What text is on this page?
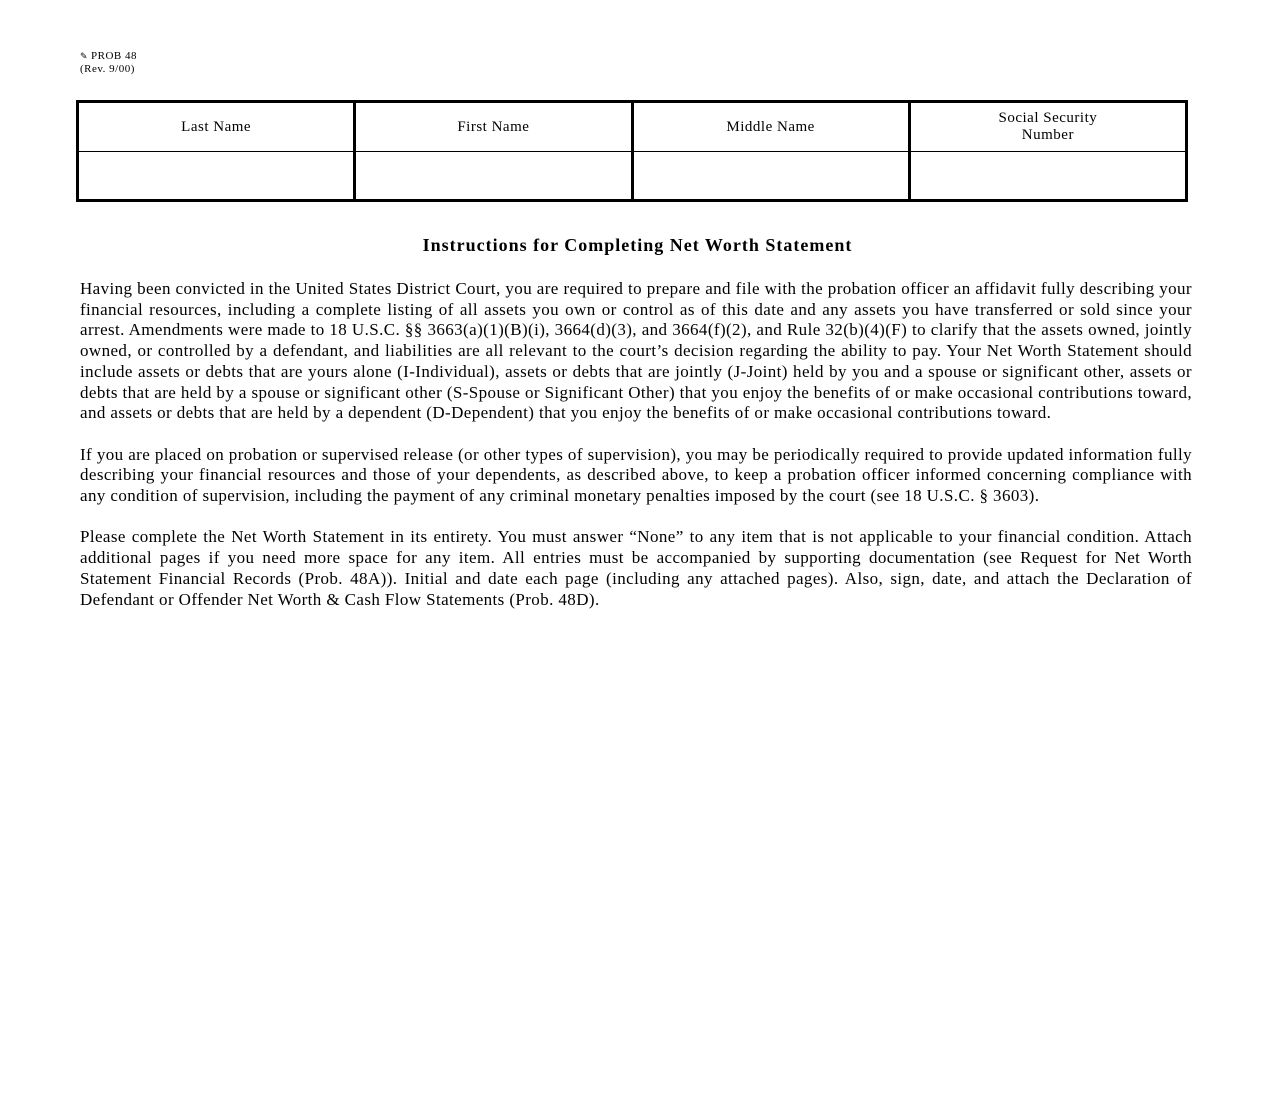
✎ PROB 48
(Rev. 9/00)
Last Name	First Name	Middle Name	Social Security Number

Instructions for Completing Net Worth Statement

Having been convicted in the United States District Court, you are required to prepare and file with the probation officer an affidavit fully describing your financial resources, including a complete listing of all assets you own or control as of this date and any assets you have transferred or sold since your arrest. Amendments were made to 18 U.S.C. §§ 3663(a)(1)(B)(i), 3664(d)(3), and 3664(f)(2), and Rule 32(b)(4)(F) to clarify that the assets owned, jointly owned, or controlled by a defendant, and liabilities are all relevant to the court’s decision regarding the ability to pay. Your Net Worth Statement should include assets or debts that are yours alone (I-Individual), assets or debts that are jointly (J-Joint) held by you and a spouse or significant other, assets or debts that are held by a spouse or significant other (S-Spouse or Significant Other) that you enjoy the benefits of or make occasional contributions toward, and assets or debts that are held by a dependent (D-Dependent) that you enjoy the benefits of or make occasional contributions toward.

If you are placed on probation or supervised release (or other types of supervision), you may be periodically required to provide updated information fully describing your financial resources and those of your dependents, as described above, to keep a probation officer informed concerning compliance with any condition of supervision, including the payment of any criminal monetary penalties imposed by the court (see 18 U.S.C. § 3603).

Please complete the Net Worth Statement in its entirety. You must answer “None” to any item that is not applicable to your financial condition. Attach additional pages if you need more space for any item. All entries must be accompanied by supporting documentation (see Request for Net Worth Statement Financial Records (Prob. 48A)). Initial and date each page (including any attached pages). Also, sign, date, and attach the Declaration of Defendant or Offender Net Worth & Cash Flow Statements (Prob. 48D).
